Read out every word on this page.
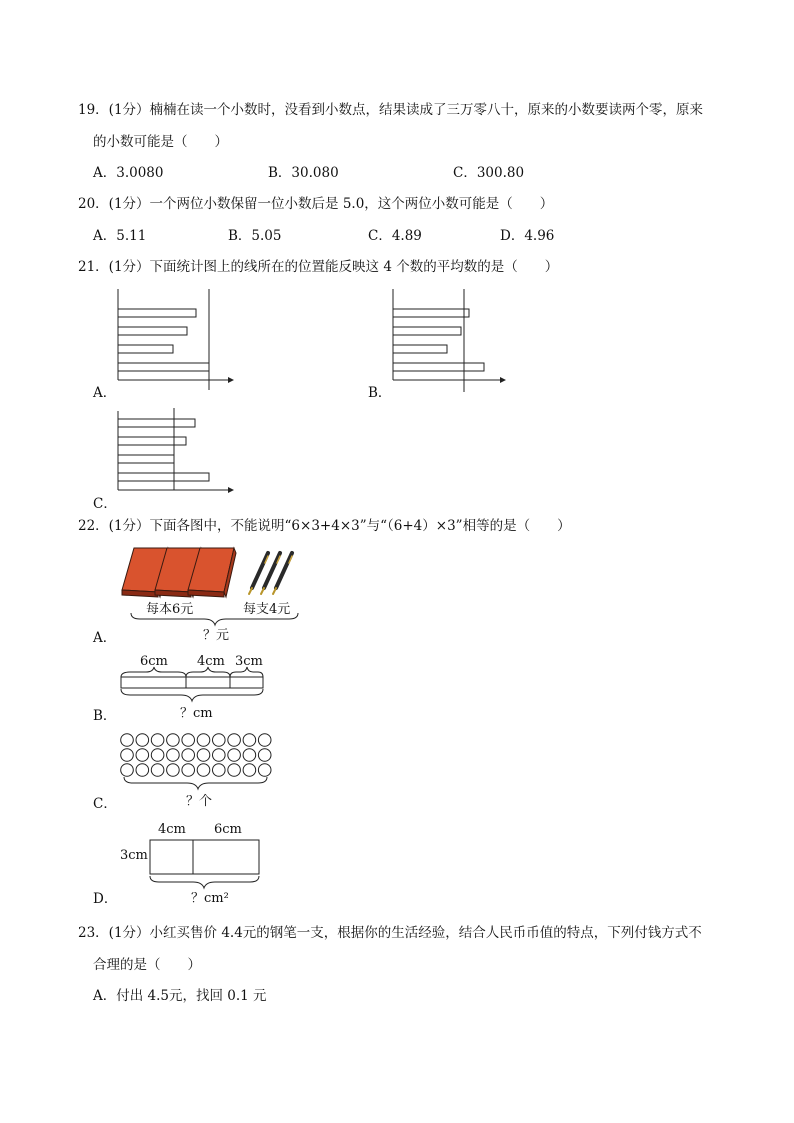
19．(1分）楠楠在读一个小数时，没看到小数点，结果读成了三万零八十，原来的小数要读两个零，原来
的小数可能是（　　）
A．3.0080	B．30.080	C．300.80
20．(1分）一个两位小数保留一位小数后是 5.0，这个两位小数可能是（　　）
A．5.11	B．5.05	C．4.89	D．4.96
21．(1分）下面统计图上的线所在的位置能反映这 4 个数的平均数的是（　　）
A．	B．
C．
22．(1分）下面各图中，不能说明“6×3+4×3”与“（6+4）×3”相等的是（　　）
每本6元	每支4元
？元
A．
6cm 4cm 3cm
？cm
B．
？个
C．
4cm 6cm
3cm
？cm²
D．
23．(1分）小红买售价 4.4元的钢笔一支，根据你的生活经验，结合人民币币值的特点，下列付钱方式不
合理的是（　　）
A．付出 4.5元，找回 0.1 元
